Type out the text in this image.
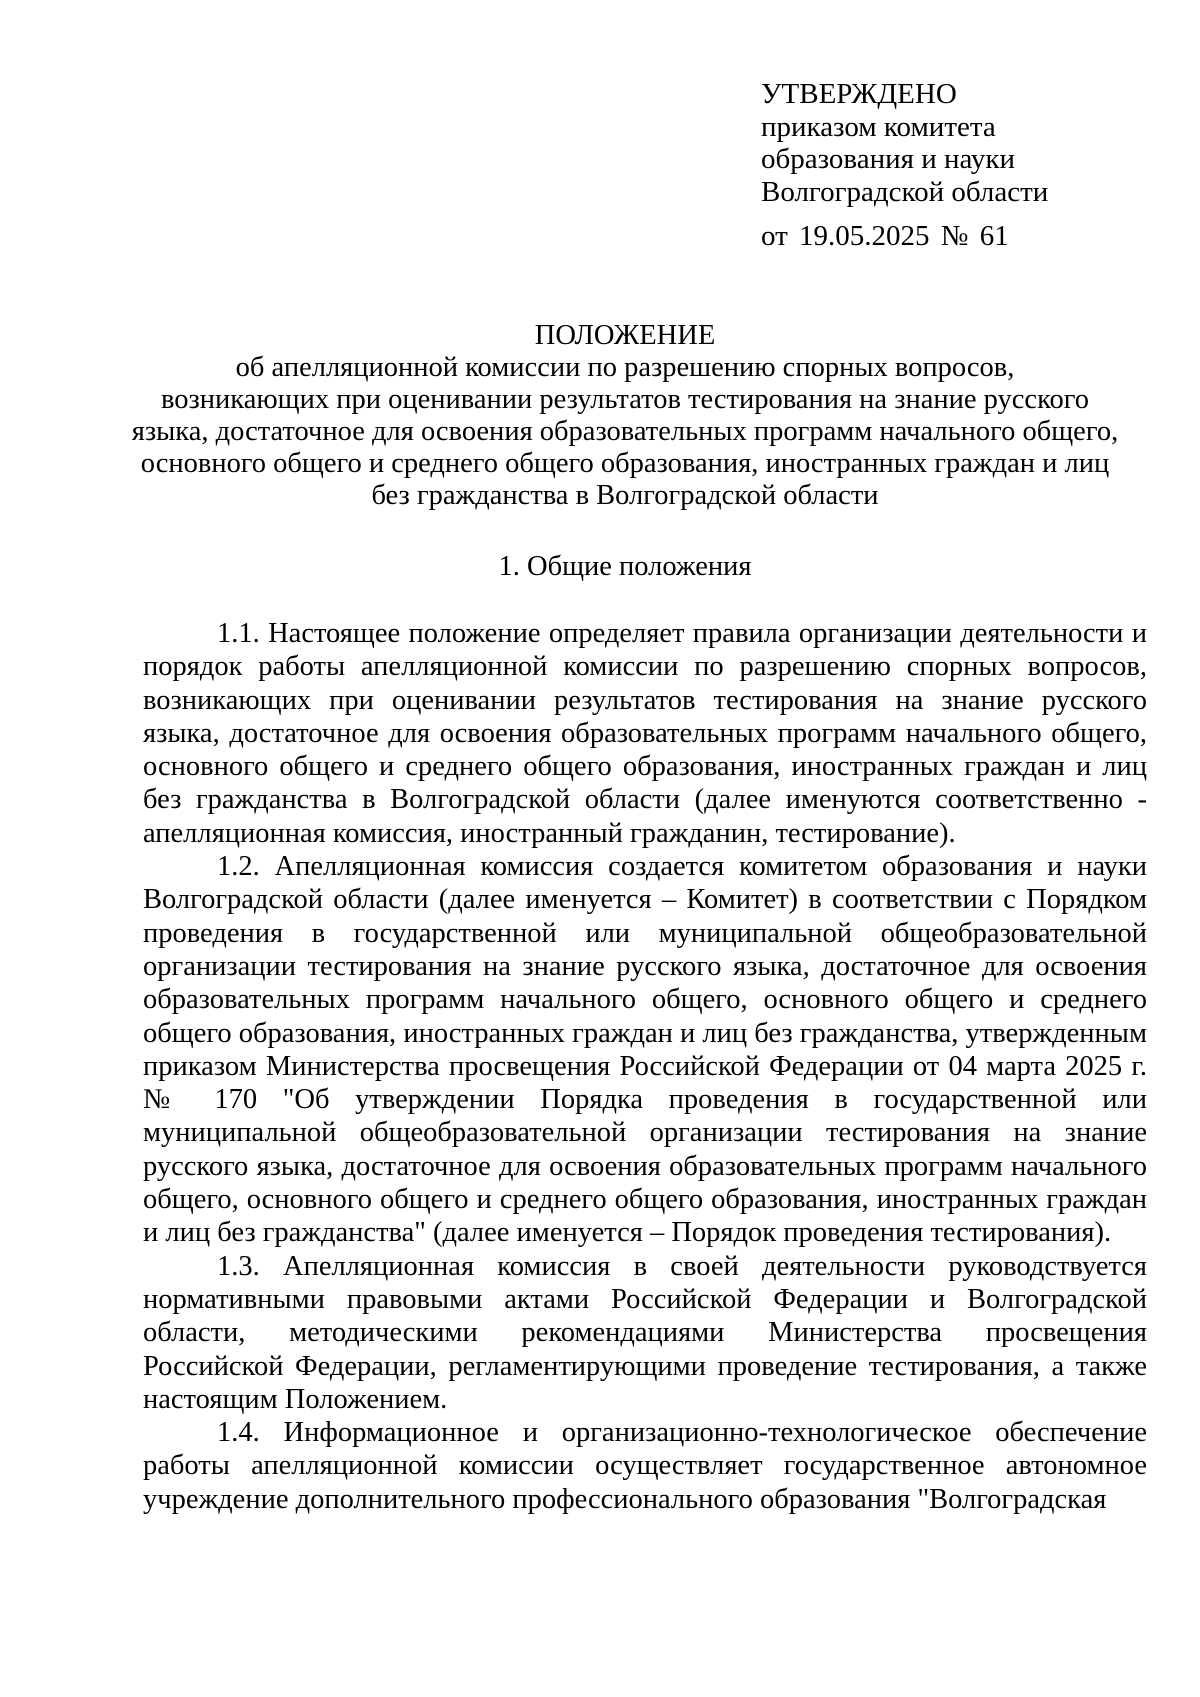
УТВЕРЖДЕНО
приказом комитета
образования и науки
Волгоградской области
от 19.05.2025 № 61
ПОЛОЖЕНИЕ
об апелляционной комиссии по разрешению спорных вопросов,
возникающих при оценивании результатов тестирования на знание русского
языка, достаточное для освоения образовательных программ начального общего,
основного общего и среднего общего образования, иностранных граждан и лиц
без гражданства в Волгоградской области
1. Общие положения

1.1. Настоящее положение определяет правила организации деятельности и порядок работы апелляционной комиссии по разрешению спорных вопросов, возникающих при оценивании результатов тестирования на знание русского языка, достаточное для освоения образовательных программ начального общего, основного общего и среднего общего образования, иностранных граждан и лиц без гражданства в Волгоградской области (далее именуются соответственно - апелляционная комиссия, иностранный гражданин, тестирование).

1.2. Апелляционная комиссия создается комитетом образования и науки Волгоградской области (далее именуется – Комитет) в соответствии с Порядком проведения в государственной или муниципальной общеобразовательной организации тестирования на знание русского языка, достаточное для освоения образовательных программ начального общего, основного общего и среднего общего образования, иностранных граждан и лиц без гражданства, утвержденным приказом Министерства просвещения Российской Федерации от 04 марта 2025 г. № 170 "Об утверждении Порядка проведения в государственной или муниципальной общеобразовательной организации тестирования на знание русского языка, достаточное для освоения образовательных программ начального общего, основного общего и среднего общего образования, иностранных граждан и лиц без гражданства" (далее именуется – Порядок проведения тестирования).

1.3. Апелляционная комиссия в своей деятельности руководствуется нормативными правовыми актами Российской Федерации и Волгоградской области, методическими рекомендациями Министерства просвещения Российской Федерации, регламентирующими проведение тестирования, а также настоящим Положением.

1.4. Информационное и организационно-технологическое обеспечение работы апелляционной комиссии осуществляет государственное автономное учреждение дополнительного профессионального образования "Волгоградская
